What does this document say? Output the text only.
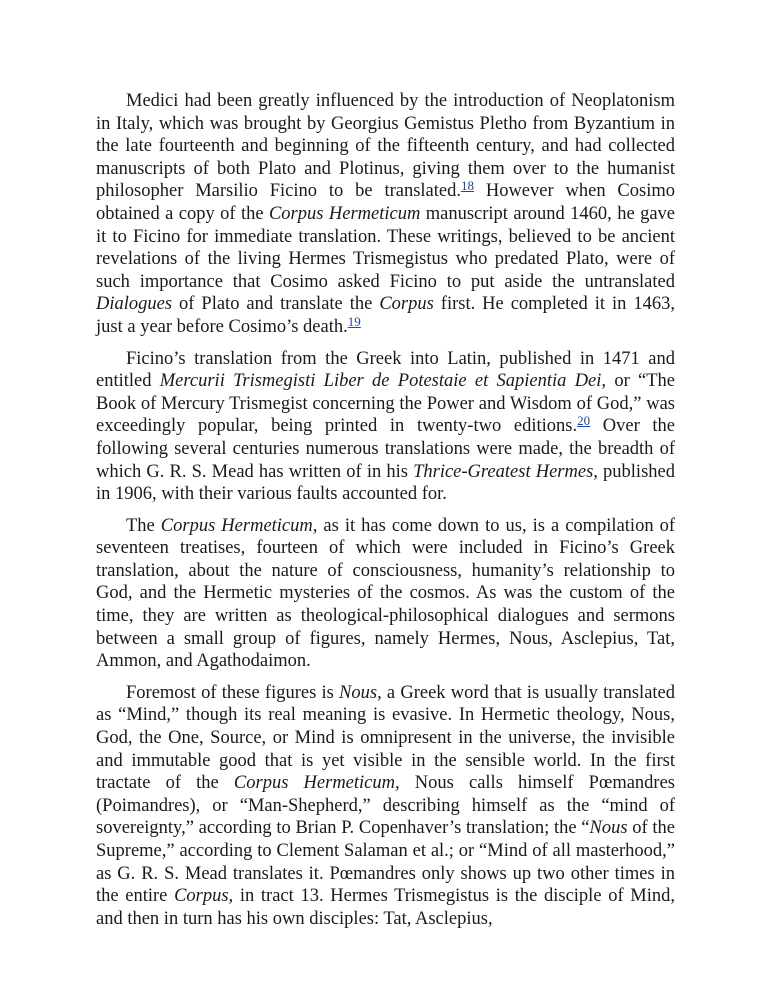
Medici had been greatly influenced by the introduction of Neoplatonism in Italy, which was brought by Georgius Gemistus Pletho from Byzantium in the late fourteenth and beginning of the fifteenth century, and had collected manuscripts of both Plato and Plotinus, giving them over to the humanist philosopher Marsilio Ficino to be translated.$^{18}$ However when Cosimo obtained a copy of the Corpus Hermeticum manuscript around 1460, he gave it to Ficino for immediate translation. These writings, believed to be ancient revelations of the living Hermes Trismegistus who predated Plato, were of such importance that Cosimo asked Ficino to put aside the untranslated Dialogues of Plato and translate the Corpus first. He completed it in 1463, just a year before Cosimo’s death.$^{19}$

Ficino’s translation from the Greek into Latin, published in 1471 and entitled Mercurii Trismegisti Liber de Potestaie et Sapientia Dei, or “The Book of Mercury Trismegist concerning the Power and Wisdom of God,” was exceedingly popular, being printed in twenty-two editions.$^{20}$ Over the following several centuries numerous translations were made, the breadth of which G. R. S. Mead has written of in his Thrice-Greatest Hermes, published in 1906, with their various faults accounted for.

The Corpus Hermeticum, as it has come down to us, is a compilation of seventeen treatises, fourteen of which were included in Ficino’s Greek translation, about the nature of consciousness, humanity’s relationship to God, and the Hermetic mysteries of the cosmos. As was the custom of the time, they are written as theological-philosophical dialogues and sermons between a small group of figures, namely Hermes, Nous, Asclepius, Tat, Ammon, and Agathodaimon.

Foremost of these figures is Nous, a Greek word that is usually translated as “Mind,” though its real meaning is evasive. In Hermetic theology, Nous, God, the One, Source, or Mind is omnipresent in the universe, the invisible and immutable good that is yet visible in the sensible world. In the first tractate of the Corpus Hermeticum, Nous calls himself Pœmandres (Poimandres), or “Man-Shepherd,” describing himself as the “mind of sovereignty,” according to Brian P. Copenhaver’s translation; the “Nous of the Supreme,” according to Clement Salaman et al.; or “Mind of all masterhood,” as G. R. S. Mead translates it. Pœmandres only shows up two other times in the entire Corpus, in tract 13. Hermes Trismegistus is the disciple of Mind, and then in turn has his own disciples: Tat, Asclepius,
